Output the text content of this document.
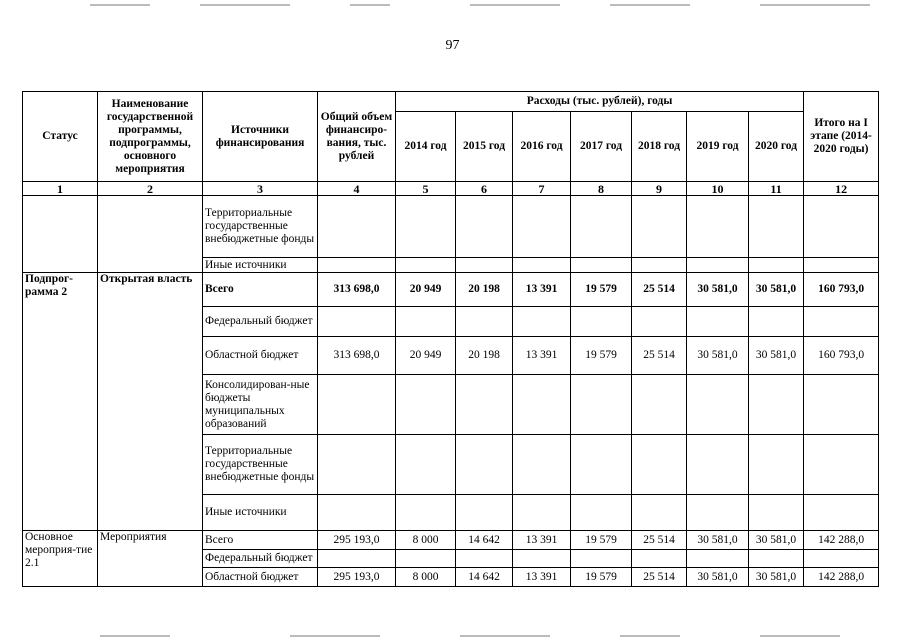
97
Статус	Наименование государственной программы, подпрограммы, основного мероприятия	Источники финансирования	Общий объем финансиро-вания, тыс. рублей	Расходы (тыс. рублей), годы							Итого на I этапе (2014-2020 годы)
				2014 год	2015 год	2016 год	2017 год	2018 год	2019 год	2020 год	
1	2	3	4	5	6	7	8	9	10	11	12
		Территориальные государственные внебюджетные фонды									
		Иные источники									
Подпрог-рамма 2	Открытая власть	Всего	313 698,0	20 949	20 198	13 391	19 579	25 514	30 581,0	30 581,0	160 793,0
		Федеральный бюджет									
		Областной бюджет	313 698,0	20 949	20 198	13 391	19 579	25 514	30 581,0	30 581,0	160 793,0
		Консолидирован-ные бюджеты муниципальных образований									
		Территориальные государственные внебюджетные фонды									
		Иные источники									
Основное мероприя-тие 2.1	Мероприятия	Всего	295 193,0	8 000	14 642	13 391	19 579	25 514	30 581,0	30 581,0	142 288,0
		Федеральный бюджет									
		Областной бюджет	295 193,0	8 000	14 642	13 391	19 579	25 514	30 581,0	30 581,0	142 288,0
